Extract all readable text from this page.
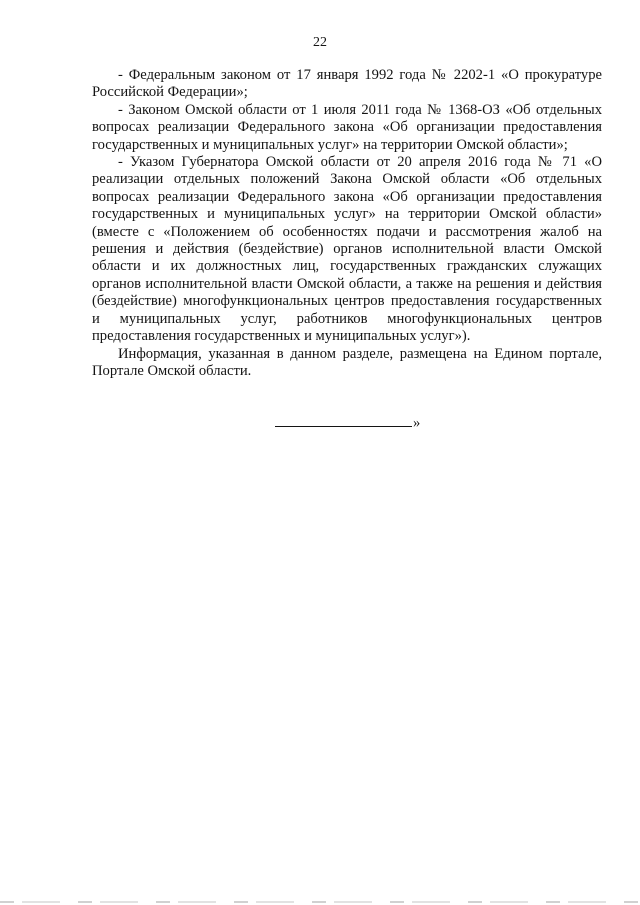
22

- Федеральным законом от 17 января 1992 года № 2202-1 «О прокуратуре Российской Федерации»;

- Законом Омской области от 1 июля 2011 года № 1368-ОЗ «Об отдельных вопросах реализации Федерального закона «Об организации предоставления государственных и муниципальных услуг» на территории Омской области»;

- Указом Губернатора Омской области от 20 апреля 2016 года № 71 «О реализации отдельных положений Закона Омской области «Об отдельных вопросах реализации Федерального закона «Об организации предоставления государственных и муниципальных услуг» на территории Омской области» (вместе с «Положением об особенностях подачи и рассмотрения жалоб на решения и действия (бездействие) органов исполнительной власти Омской области и их должностных лиц, государственных гражданских служащих органов исполнительной власти Омской области, а также на решения и действия (бездействие) многофункциональных центров предоставления государственных и муниципальных услуг, работников многофункциональных центров предоставления государственных и муниципальных услуг»).

Информация, указанная в данном разделе, размещена на Едином портале, Портале Омской области.

»
